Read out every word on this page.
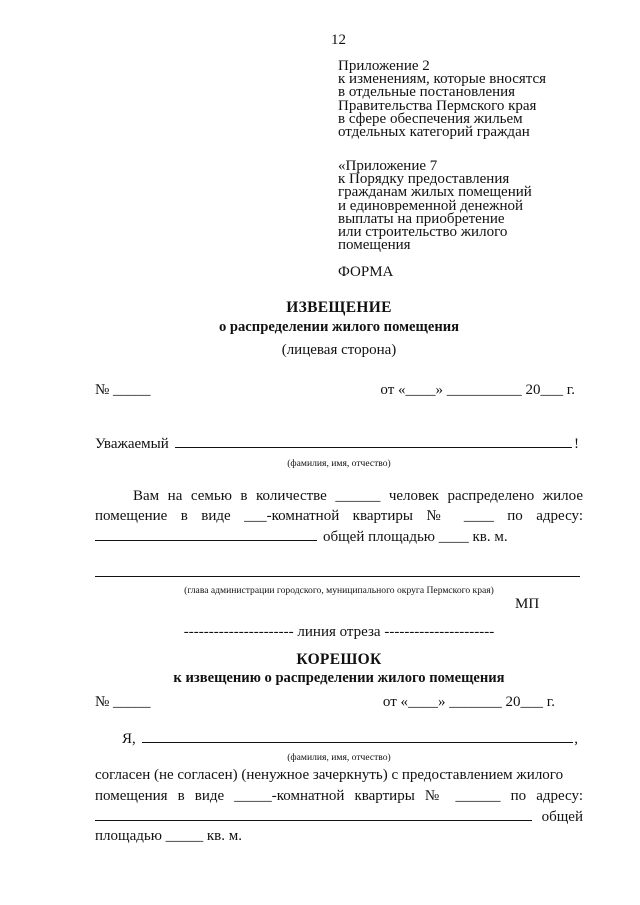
12
Приложение 2
к изменениям, которые вносятся
в отдельные постановления
Правительства Пермского края
в сфере обеспечения жильем
отдельных категорий граждан
«Приложение 7
к Порядку предоставления
гражданам жилых помещений
и единовременной денежной
выплаты на приобретение
или строительство жилого
помещения
ФОРМА
ИЗВЕЩЕНИЕ
о распределении жилого помещения
(лицевая сторона)
№ _____	от «____» __________ 20___ г.
Уважаемый	!
(фамилия, имя, отчество)
Вам на семью в количестве ______ человек распределено жилое
помещение в виде ___-комнатной квартиры № ____ по адресу:
общей площадью ____ кв. м.
(глава администрации городского, муниципального округа Пермского края)
МП
---------------------- линия отреза ----------------------
КОРЕШОК
к извещению о распределении жилого помещения
№ _____	от «____» _______ 20___ г.
Я,	,
(фамилия, имя, отчество)
согласен (не согласен) (ненужное зачеркнуть) с предоставлением жилого
помещения в виде _____-комнатной квартиры № ______ по адресу:
общей
площадью _____ кв. м.
